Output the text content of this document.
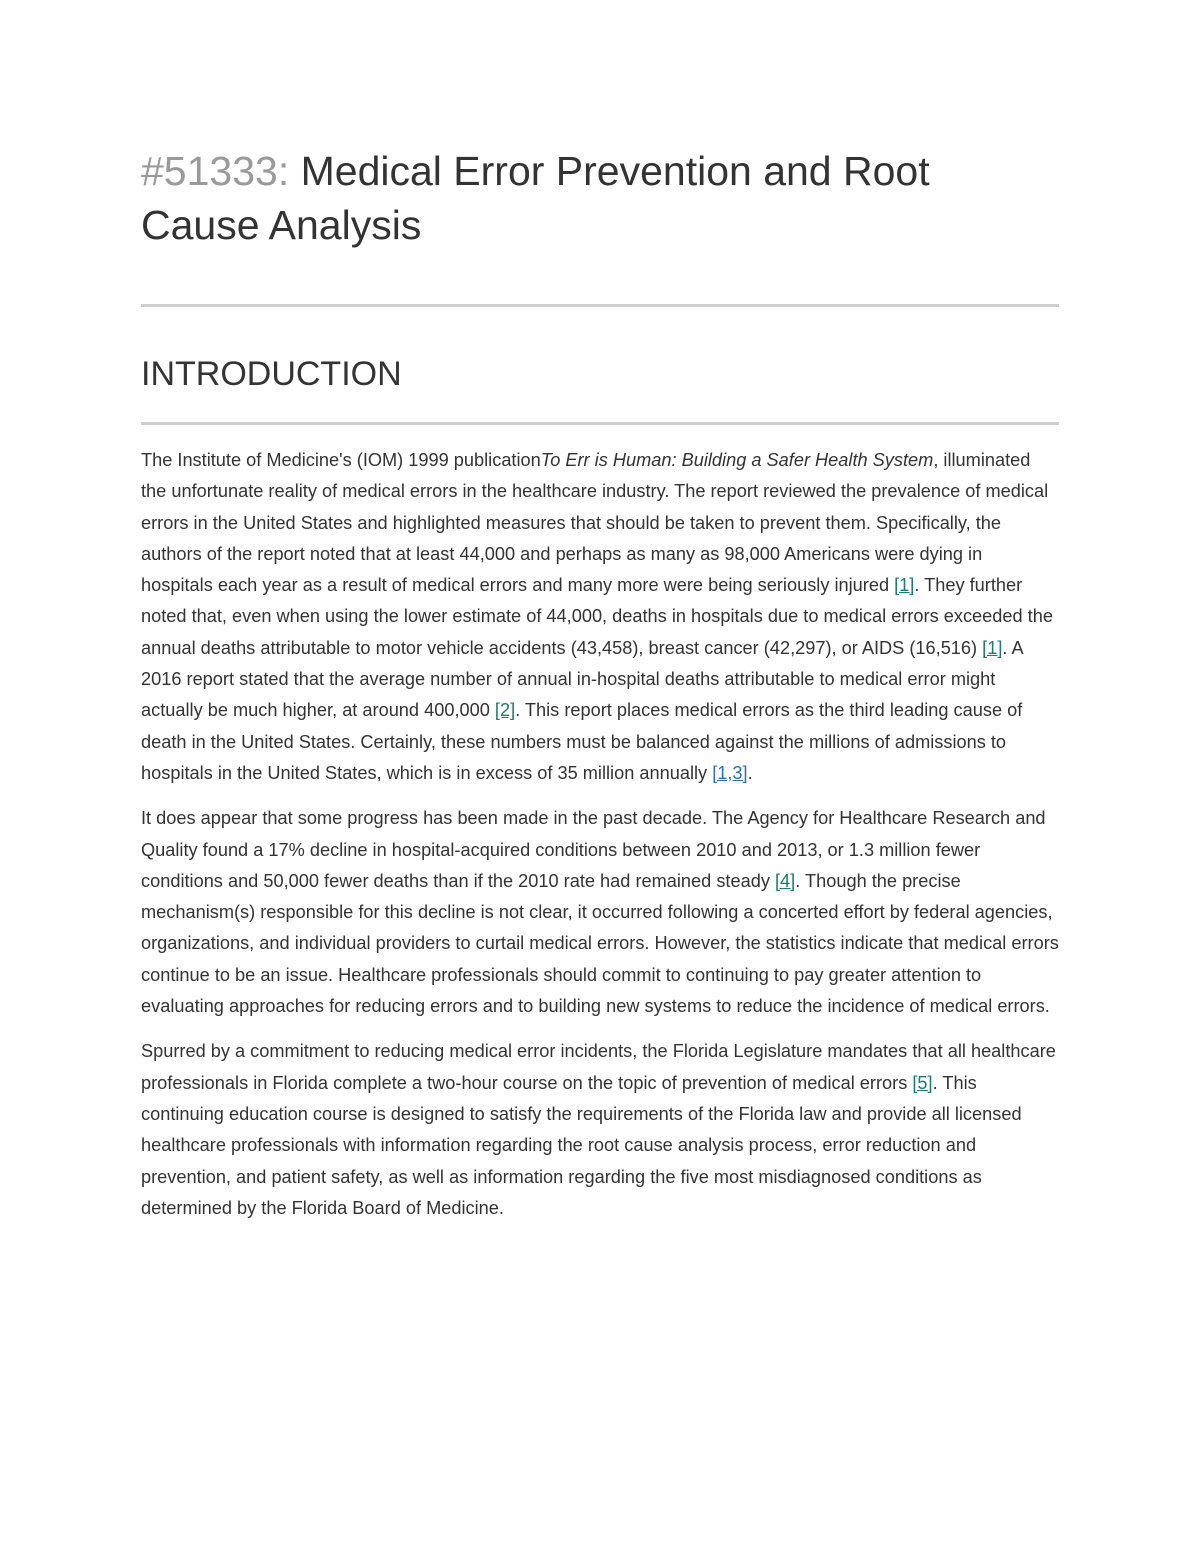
#51333: Medical Error Prevention and Root Cause Analysis
INTRODUCTION

The Institute of Medicine's (IOM) 1999 publicationTo Err is Human: Building a Safer Health System, illuminated the unfortunate reality of medical errors in the healthcare industry. The report reviewed the prevalence of medical errors in the United States and highlighted measures that should be taken to prevent them. Specifically, the authors of the report noted that at least 44,000 and perhaps as many as 98,000 Americans were dying in hospitals each year as a result of medical errors and many more were being seriously injured [1]. They further noted that, even when using the lower estimate of 44,000, deaths in hospitals due to medical errors exceeded the annual deaths attributable to motor vehicle accidents (43,458), breast cancer (42,297), or AIDS (16,516) [1]. A 2016 report stated that the average number of annual in-hospital deaths attributable to medical error might actually be much higher, at around 400,000 [2]. This report places medical errors as the third leading cause of death in the United States. Certainly, these numbers must be balanced against the millions of admissions to hospitals in the United States, which is in excess of 35 million annually [1,3].

It does appear that some progress has been made in the past decade. The Agency for Healthcare Research and Quality found a 17% decline in hospital-acquired conditions between 2010 and 2013, or 1.3 million fewer conditions and 50,000 fewer deaths than if the 2010 rate had remained steady [4]. Though the precise mechanism(s) responsible for this decline is not clear, it occurred following a concerted effort by federal agencies, organizations, and individual providers to curtail medical errors. However, the statistics indicate that medical errors continue to be an issue. Healthcare professionals should commit to continuing to pay greater attention to evaluating approaches for reducing errors and to building new systems to reduce the incidence of medical errors.

Spurred by a commitment to reducing medical error incidents, the Florida Legislature mandates that all healthcare professionals in Florida complete a two-hour course on the topic of prevention of medical errors [5]. This continuing education course is designed to satisfy the requirements of the Florida law and provide all licensed healthcare professionals with information regarding the root cause analysis process, error reduction and prevention, and patient safety, as well as information regarding the five most misdiagnosed conditions as determined by the Florida Board of Medicine.
